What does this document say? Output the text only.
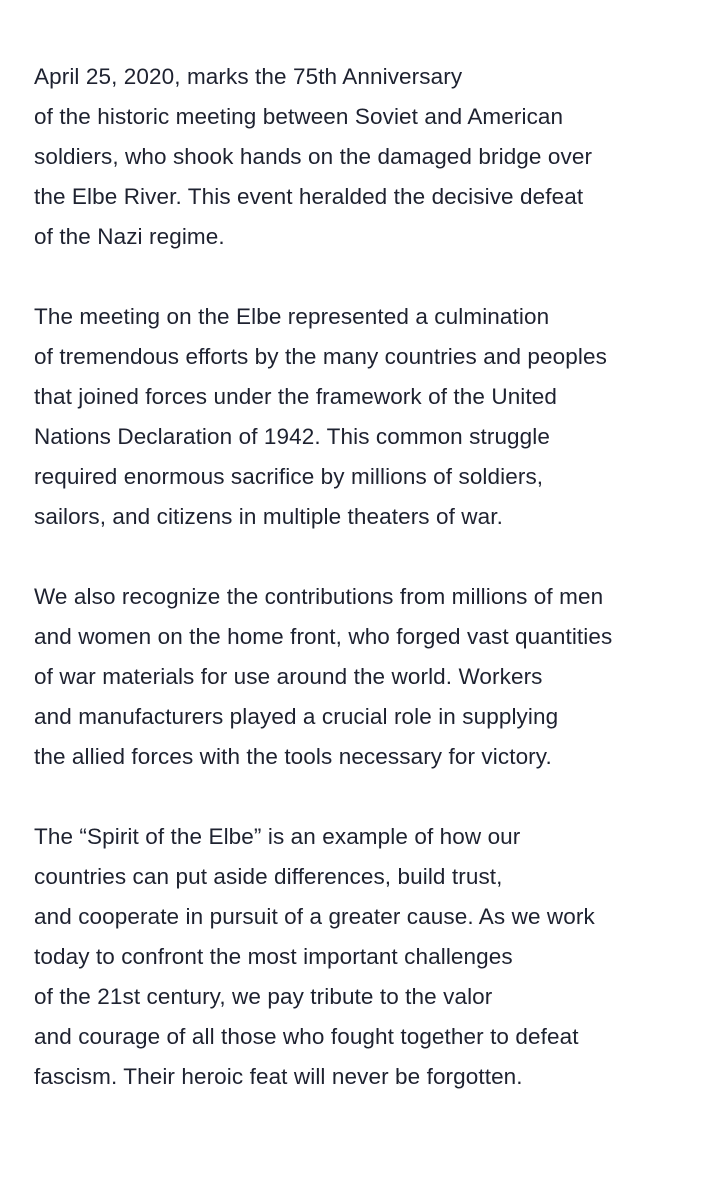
April 25, 2020, marks the 75th Anniversary
of the historic meeting between Soviet and American
soldiers, who shook hands on the damaged bridge over
the Elbe River. This event heralded the decisive defeat
of the Nazi regime.

The meeting on the Elbe represented a culmination
of tremendous efforts by the many countries and peoples
that joined forces under the framework of the United
Nations Declaration of 1942. This common struggle
required enormous sacrifice by millions of soldiers,
sailors, and citizens in multiple theaters of war.

We also recognize the contributions from millions of men
and women on the home front, who forged vast quantities
of war materials for use around the world. Workers
and manufacturers played a crucial role in supplying
the allied forces with the tools necessary for victory.

The “Spirit of the Elbe” is an example of how our
countries can put aside differences, build trust,
and cooperate in pursuit of a greater cause. As we work
today to confront the most important challenges
of the 21st century, we pay tribute to the valor
and courage of all those who fought together to defeat
fascism. Their heroic feat will never be forgotten.
